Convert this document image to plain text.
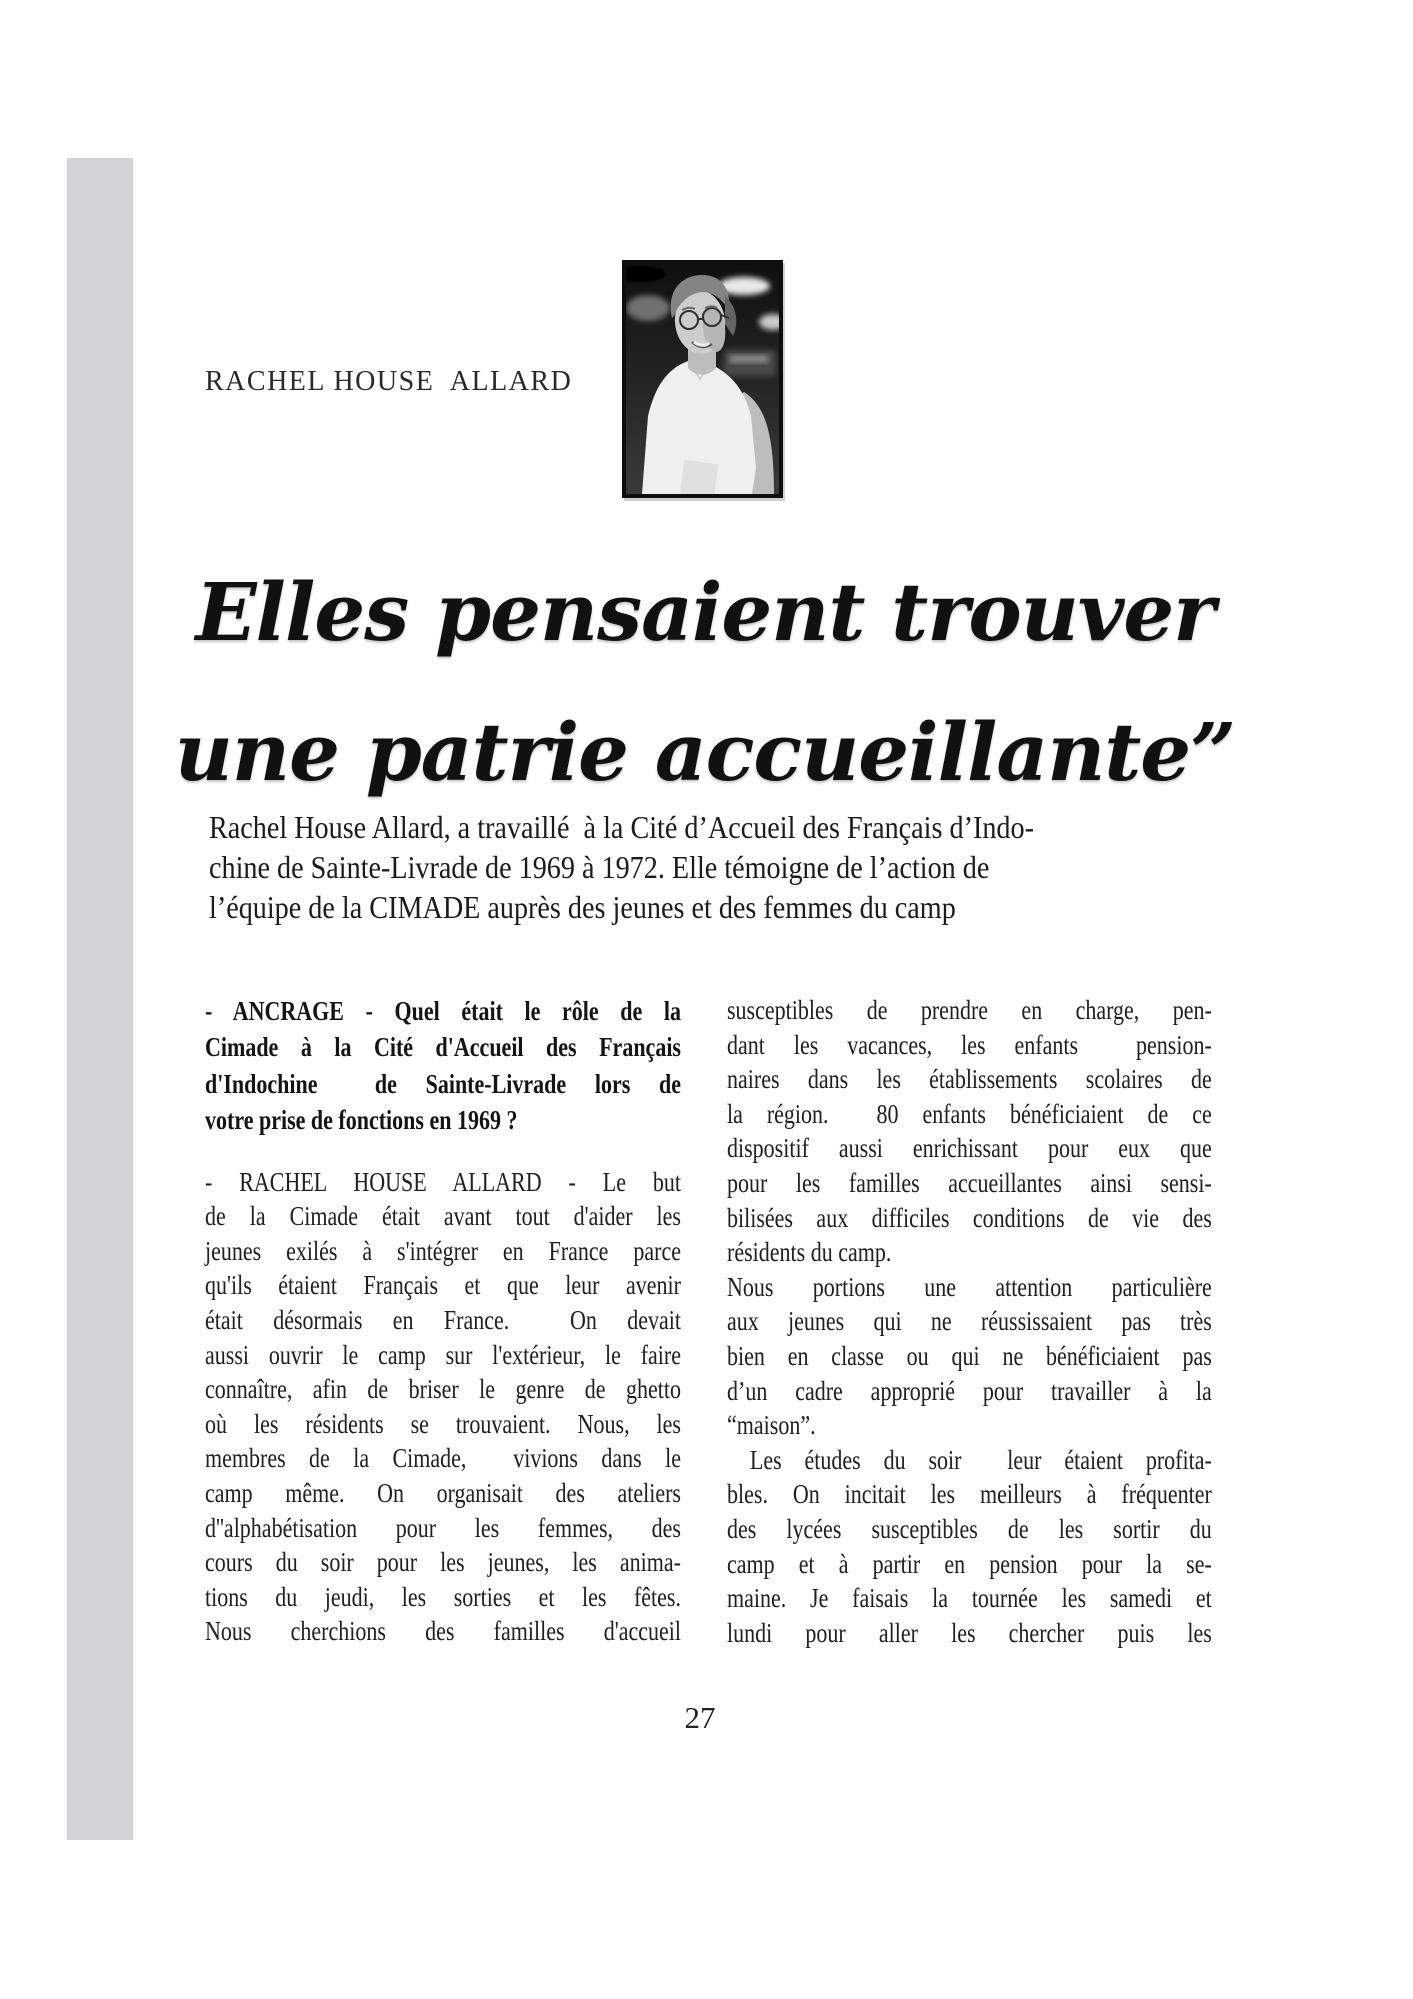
RACHEL HOUSE  ALLARD
Elles pensaient trouver
une patrie accueillante”
Rachel House Allard, a travaillé  à la Cité d’Accueil des Français d’Indo-
chine de Sainte-Livrade de 1969 à 1972. Elle témoigne de l’action de
l’équipe de la CIMADE auprès des jeunes et des femmes du camp
- ANCRAGE - Quel était le rôle de la
Cimade à la Cité d'Accueil des Français
d'Indochine  de Sainte-Livrade lors de
votre prise de fonctions en 1969 ?
- RACHEL HOUSE ALLARD - Le but
de la Cimade était avant tout d'aider les
jeunes exilés à s'intégrer en France parce
qu'ils étaient Français et que leur avenir
était désormais en France.  On devait
aussi ouvrir le camp sur l'extérieur, le faire
connaître, afin de briser le genre de ghetto
où les résidents se trouvaient. Nous, les
membres de la Cimade,  vivions dans le
camp même. On organisait des ateliers
d''alphabétisation pour les femmes, des
cours du soir pour les jeunes, les anima-
tions du jeudi, les sorties et les fêtes.
Nous cherchions des familles d'accueil
susceptibles de prendre en charge, pen-
dant les vacances, les enfants  pension-
naires dans les établissements scolaires de
la région.  80 enfants bénéficiaient de ce
dispositif aussi enrichissant pour eux que
pour les familles accueillantes ainsi sensi-
bilisées aux difficiles conditions de vie des
résidents du camp.
Nous portions une attention particulière
aux jeunes qui ne réussissaient pas très
bien en classe ou qui ne bénéficiaient pas
d’un cadre approprié pour travailler à la
“maison”.
Les études du soir  leur étaient profita-
bles. On incitait les meilleurs à fréquenter
des lycées susceptibles de les sortir du
camp et à partir en pension pour la se-
maine. Je faisais la tournée les samedi et
lundi pour aller les chercher puis les
27
